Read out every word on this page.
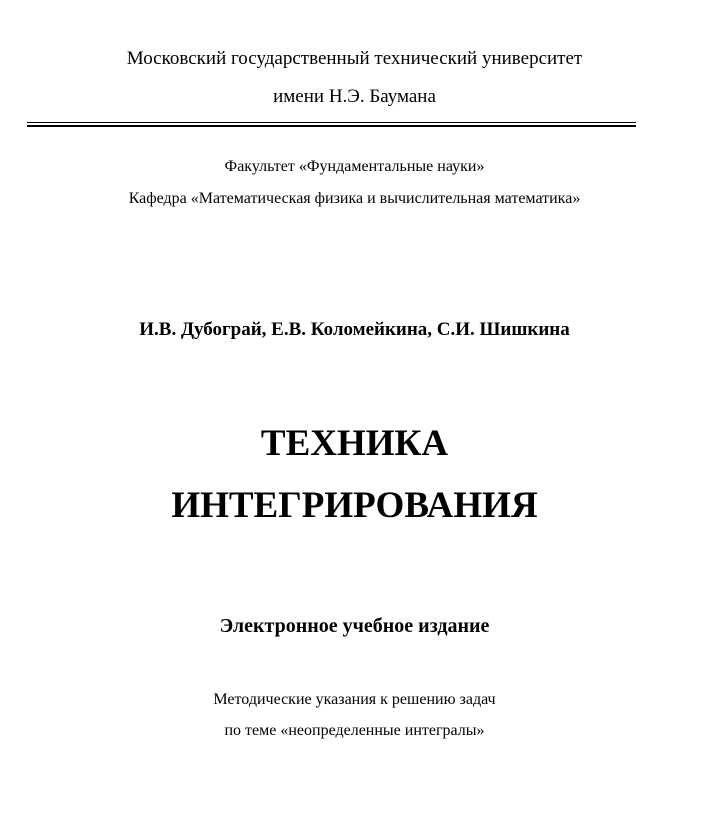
Московский государственный технический университет
имени Н.Э. Баумана
Факультет «Фундаментальные науки»
Кафедра «Математическая физика и вычислительная математика»
И.В. Дубограй, Е.В. Коломейкина, С.И. Шишкина
ТЕХНИКА
ИНТЕГРИРОВАНИЯ
Электронное учебное издание
Методические указания к решению задач
по теме «неопределенные интегралы»
